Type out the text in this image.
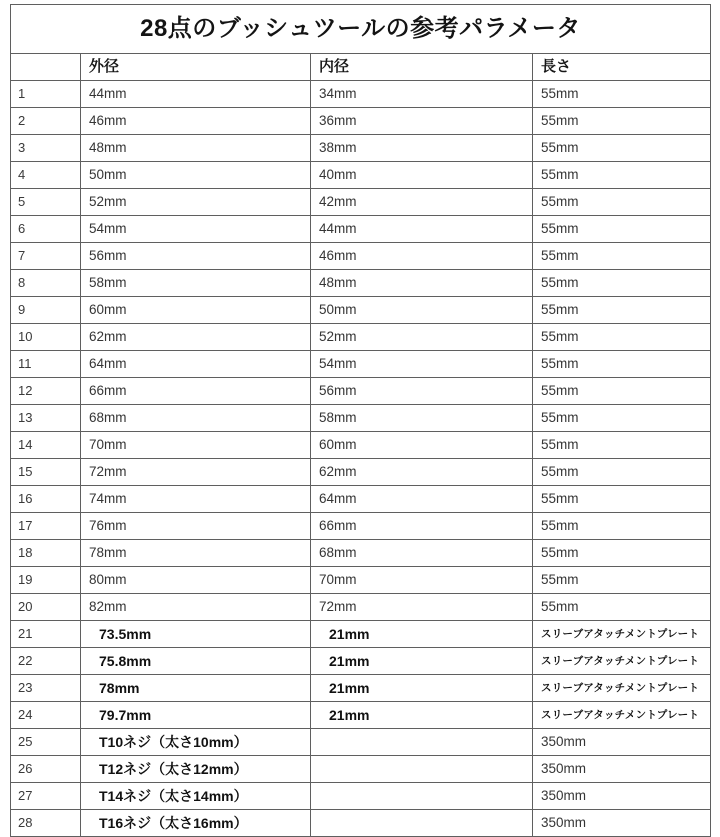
28点のブッシュツールの参考パラメータ			

	外径	内径	長さ

1	44mm	34mm	55mm

2	46mm	36mm	55mm

3	48mm	38mm	55mm

4	50mm	40mm	55mm

5	52mm	42mm	55mm

6	54mm	44mm	55mm

7	56mm	46mm	55mm

8	58mm	48mm	55mm

9	60mm	50mm	55mm

10	62mm	52mm	55mm

11	64mm	54mm	55mm

12	66mm	56mm	55mm

13	68mm	58mm	55mm

14	70mm	60mm	55mm

15	72mm	62mm	55mm

16	74mm	64mm	55mm

17	76mm	66mm	55mm

18	78mm	68mm	55mm

19	80mm	70mm	55mm

20	82mm	72mm	55mm

21	73.5mm	21mm	スリーブアタッチメントプレート

22	75.8mm	21mm	スリーブアタッチメントプレート

23	78mm	21mm	スリーブアタッチメントプレート

24	79.7mm	21mm	スリーブアタッチメントプレート

25	T10ネジ（太さ10mm）		350mm

26	T12ネジ（太さ12mm）		350mm

27	T14ネジ（太さ14mm）		350mm

28	T16ネジ（太さ16mm）		350mm
